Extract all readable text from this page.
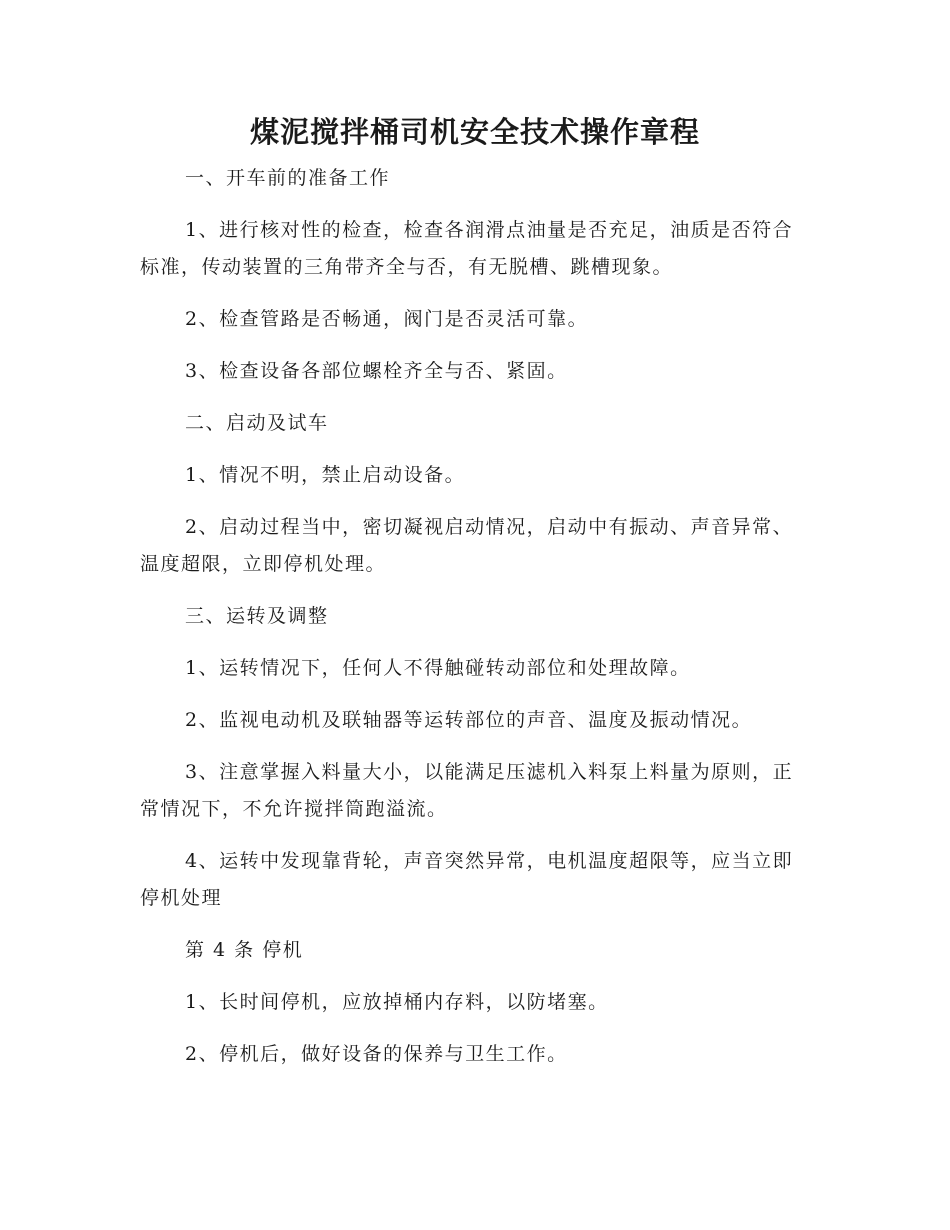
煤泥搅拌桶司机安全技术操作章程

一、开车前的准备工作

1、进行核对性的检查，检查各润滑点油量是否充足，油质是否符合标准，传动装置的三角带齐全与否，有无脱槽、跳槽现象。

2、检查管路是否畅通，阀门是否灵活可靠。

3、检查设备各部位螺栓齐全与否、紧固。

二、启动及试车

1、情况不明，禁止启动设备。

2、启动过程当中，密切凝视启动情况，启动中有振动、声音异常、温度超限，立即停机处理。

三、运转及调整

1、运转情况下，任何人不得触碰转动部位和处理故障。

2、监视电动机及联轴器等运转部位的声音、温度及振动情况。

3、注意掌握入料量大小，以能满足压滤机入料泵上料量为原则，正常情况下，不允许搅拌筒跑溢流。

4、运转中发现靠背轮，声音突然异常，电机温度超限等，应当立即停机处理

第 4 条 停机

1、长时间停机，应放掉桶内存料，以防堵塞。

2、停机后，做好设备的保养与卫生工作。
